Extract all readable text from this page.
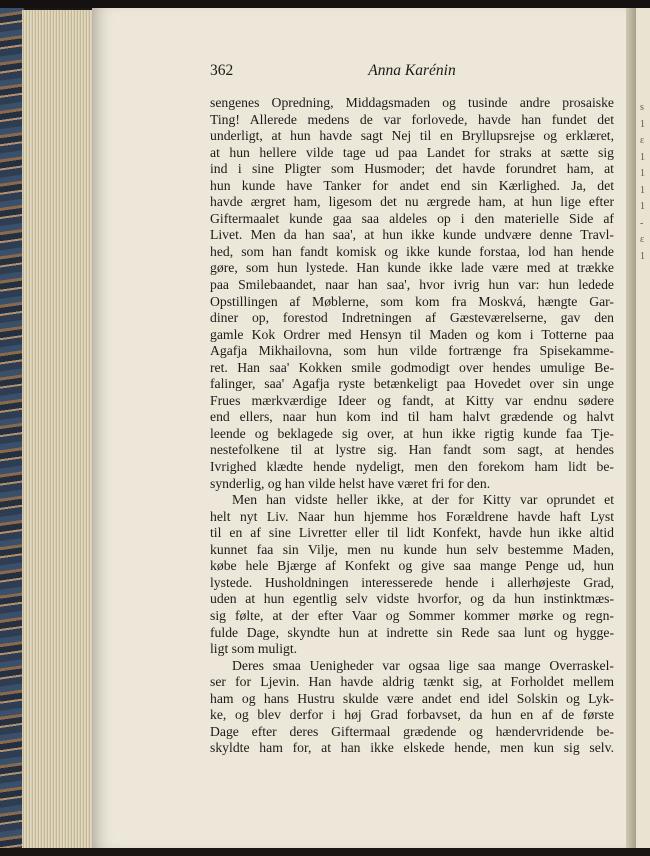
362	Anna Karénin
sengenes Opredning, Middagsmaden og tusinde andre prosaiske
Ting! Allerede medens de var forlovede, havde han fundet det
underligt, at hun havde sagt Nej til en Bryllupsrejse og erklæret,
at hun hellere vilde tage ud paa Landet for straks at sætte sig
ind i sine Pligter som Husmoder; det havde forundret ham, at
hun kunde have Tanker for andet end sin Kærlighed. Ja, det
havde ærgret ham, ligesom det nu ærgrede ham, at hun lige efter
Giftermaalet kunde gaa saa aldeles op i den materielle Side af
Livet. Men da han saa', at hun ikke kunde undvære denne Travl-
hed, som han fandt komisk og ikke kunde forstaa, lod han hende
gøre, som hun lystede. Han kunde ikke lade være med at trække
paa Smilebaandet, naar han saa', hvor ivrig hun var: hun ledede
Opstillingen af Møblerne, som kom fra Moskvá, hængte Gar-
diner op, forestod Indretningen af Gæsteværelserne, gav den
gamle Kok Ordrer med Hensyn til Maden og kom i Totterne paa
Agafja Mikhailovna, som hun vilde fortrænge fra Spisekamme-
ret. Han saa' Kokken smile godmodigt over hendes umulige Be-
falinger, saa' Agafja ryste betænkeligt paa Hovedet over sin unge
Frues mærkværdige Ideer og fandt, at Kitty var endnu sødere
end ellers, naar hun kom ind til ham halvt grædende og halvt
leende og beklagede sig over, at hun ikke rigtig kunde faa Tje-
nestefolkene til at lystre sig. Han fandt som sagt, at hendes
Ivrighed klædte hende nydeligt, men den forekom ham lidt be-
synderlig, og han vilde helst have været fri for den.
Men han vidste heller ikke, at der for Kitty var oprundet et
helt nyt Liv. Naar hun hjemme hos Forældrene havde haft Lyst
til en af sine Livretter eller til lidt Konfekt, havde hun ikke altid
kunnet faa sin Vilje, men nu kunde hun selv bestemme Maden,
købe hele Bjærge af Konfekt og give saa mange Penge ud, hun
lystede. Husholdningen interesserede hende i allerhøjeste Grad,
uden at hun egentlig selv vidste hvorfor, og da hun instinktmæs-
sig følte, at der efter Vaar og Sommer kommer mørke og regn-
fulde Dage, skyndte hun at indrette sin Rede saa lunt og hygge-
ligt som muligt.
Deres smaa Uenigheder var ogsaa lige saa mange Overraskel-
ser for Ljevin. Han havde aldrig tænkt sig, at Forholdet mellem
ham og hans Hustru skulde være andet end idel Solskin og Lyk-
ke, og blev derfor i høj Grad forbavset, da hun en af de første
Dage efter deres Giftermaal grædende og hændervridende be-
skyldte ham for, at han ikke elskede hende, men kun sig selv.
s
1
ɛ
1
1
1
1
-
ɛ
1
